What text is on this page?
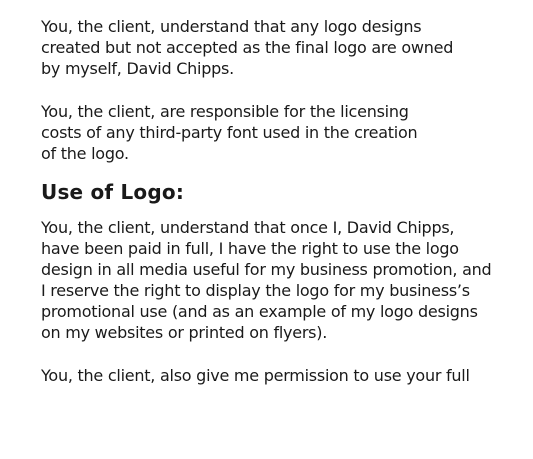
You, the client, understand that any logo designs
created but not accepted as the final logo are owned
by myself, David Chipps.

You, the client, are responsible for the licensing
costs of any third-party font used in the creation
of the logo.

Use of Logo:

You, the client, understand that once I, David Chipps,
have been paid in full, I have the right to use the logo
design in all media useful for my business promotion, and
I reserve the right to display the logo for my business’s
promotional use (and as an example of my logo designs
on my websites or printed on flyers).

You, the client, also give me permission to use your full
